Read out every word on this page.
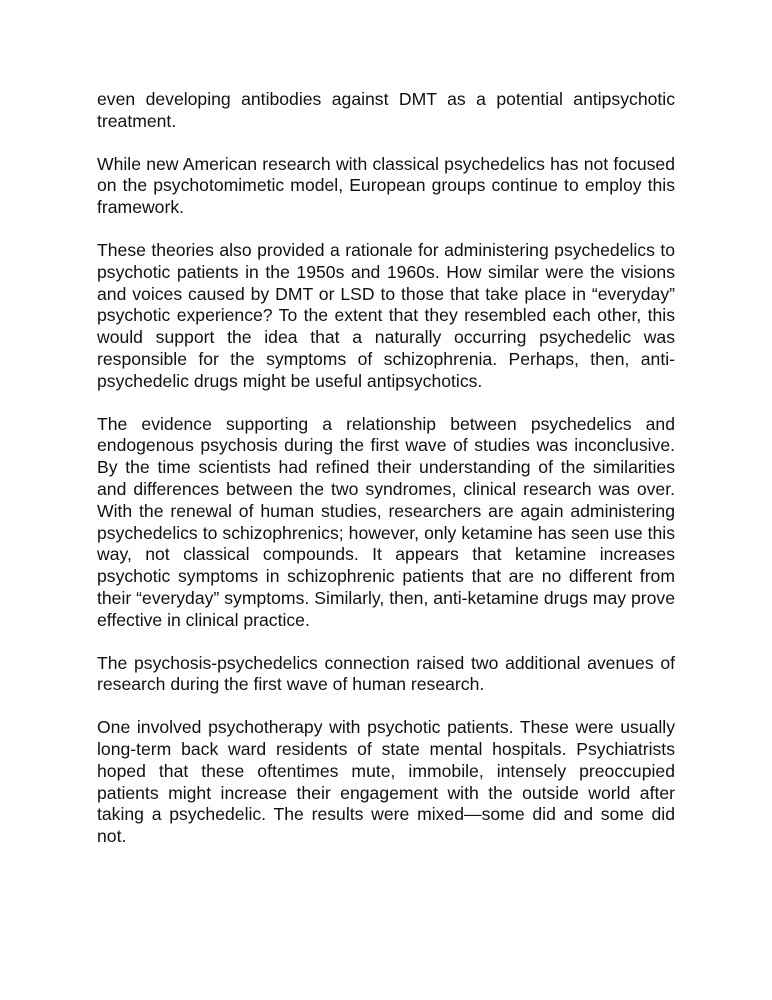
even developing antibodies against DMT as a potential antipsychotic treatment.

While new American research with classical psychedelics has not focused on the psychotomimetic model, European groups continue to employ this framework.

These theories also provided a rationale for administering psychedelics to psychotic patients in the 1950s and 1960s. How similar were the visions and voices caused by DMT or LSD to those that take place in “everyday” psychotic experience? To the extent that they resembled each other, this would support the idea that a naturally occurring psychedelic was responsible for the symptoms of schizophrenia. Perhaps, then, anti-psychedelic drugs might be useful antipsychotics.

The evidence supporting a relationship between psychedelics and endogenous psychosis during the first wave of studies was inconclusive. By the time scientists had refined their understanding of the similarities and differences between the two syndromes, clinical research was over. With the renewal of human studies, researchers are again administering psychedelics to schizophrenics; however, only ketamine has seen use this way, not classical compounds. It appears that ketamine increases psychotic symptoms in schizophrenic patients that are no different from their “everyday” symptoms. Similarly, then, anti-ketamine drugs may prove effective in clinical practice.

The psychosis-psychedelics connection raised two additional avenues of research during the first wave of human research.

One involved psychotherapy with psychotic patients. These were usually long-term back ward residents of state mental hospitals. Psychiatrists hoped that these oftentimes mute, immobile, intensely preoccupied patients might increase their engagement with the outside world after taking a psychedelic. The results were mixed—some did and some did not.
